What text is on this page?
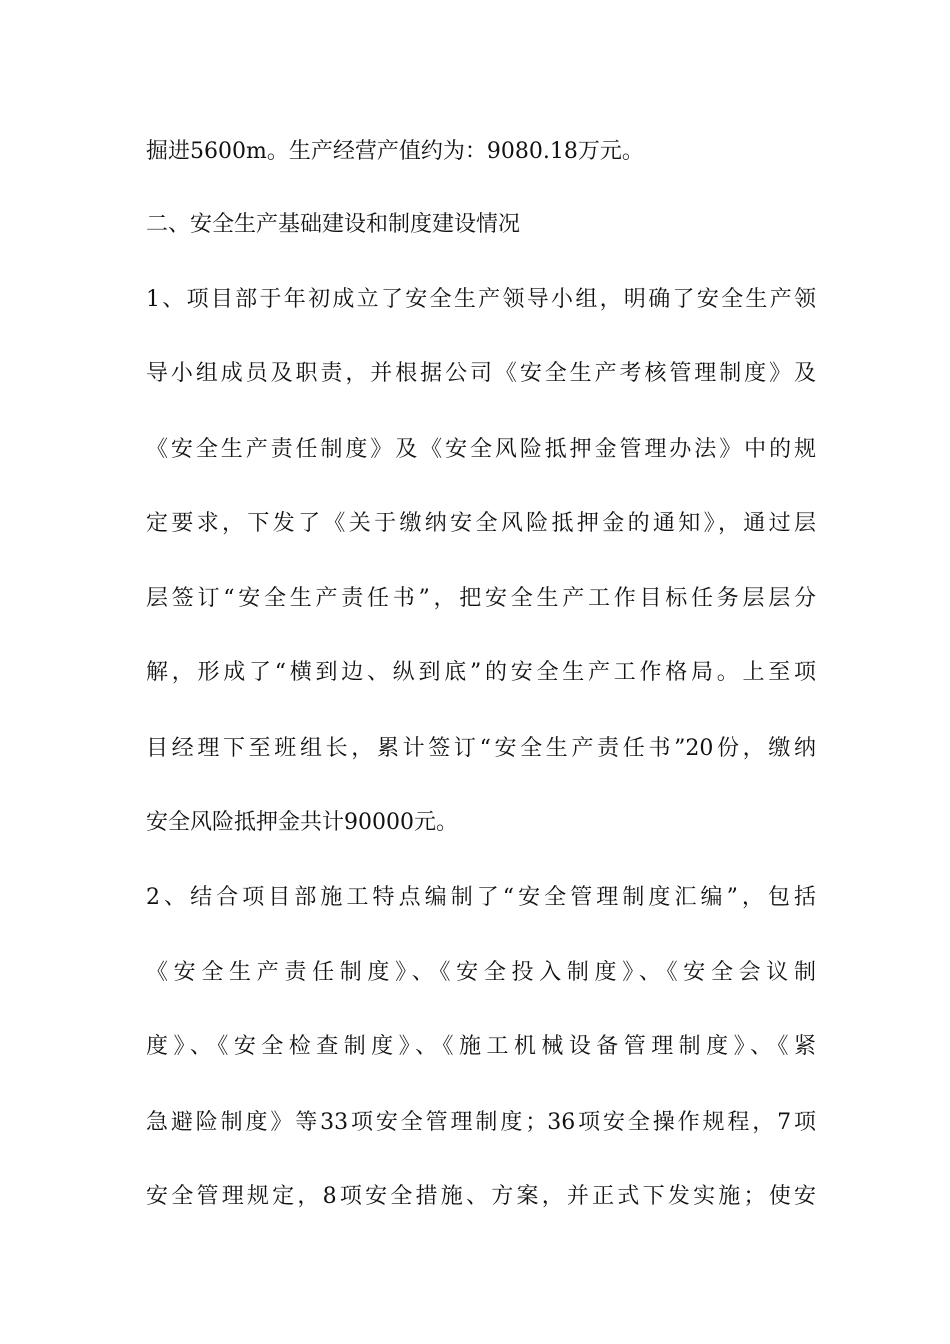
掘进5600m。生产经营产值约为：9080.18万元。
二、安全生产基础建设和制度建设情况
1、项目部于年初成立了安全生产领导小组，明确了安全生产领
导小组成员及职责，并根据公司《安全生产考核管理制度》及
《安全生产责任制度》及《安全风险抵押金管理办法》中的规
定要求，下发了《关于缴纳安全风险抵押金的通知》，通过层
层签订“安全生产责任书”，把安全生产工作目标任务层层分
解，形成了“横到边、纵到底”的安全生产工作格局。上至项
目经理下至班组长，累计签订“安全生产责任书”20份，缴纳
安全风险抵押金共计90000元。
2、结合项目部施工特点编制了“安全管理制度汇编”，包括
《安全生产责任制度》、《安全投入制度》、《安全会议制
度》、《安全检查制度》、《施工机械设备管理制度》、《紧
急避险制度》等33项安全管理制度；36项安全操作规程，7项
安全管理规定，8项安全措施、方案，并正式下发实施；使安
